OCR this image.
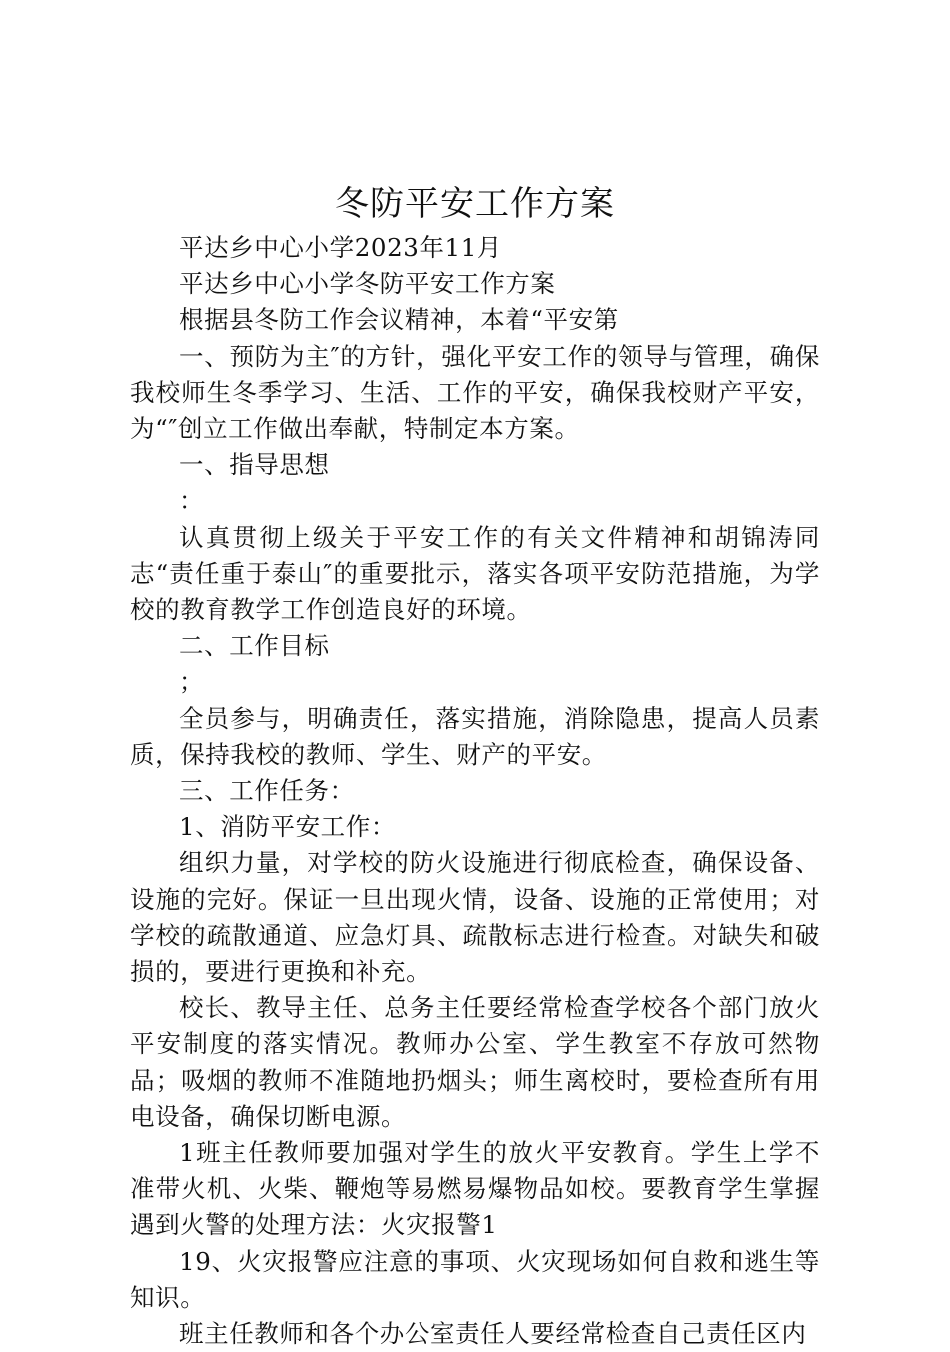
冬防平安工作方案

平达乡中心小学2023年11月

平达乡中心小学冬防平安工作方案

根据县冬防工作会议精神，本着“平安第

一、预防为主″的方针，强化平安工作的领导与管理，确保我校师生冬季学习、生活、工作的平安，确保我校财产平安，为“″创立工作做出奉献，特制定本方案。

一、指导思想

：

认真贯彻上级关于平安工作的有关文件精神和胡锦涛同志“责任重于泰山″的重要批示，落实各项平安防范措施，为学校的教育教学工作创造良好的环境。

二、工作目标

；

全员参与，明确责任，落实措施，消除隐患，提高人员素质，保持我校的教师、学生、财产的平安。

三、工作任务：

1、消防平安工作：

组织力量，对学校的防火设施进行彻底检查，确保设备、设施的完好。保证一旦出现火情，设备、设施的正常使用；对学校的疏散通道、应急灯具、疏散标志进行检查。对缺失和破损的，要进行更换和补充。

校长、教导主任、总务主任要经常检查学校各个部门放火平安制度的落实情况。教师办公室、学生教室不存放可然物品；吸烟的教师不准随地扔烟头；师生离校时，要检查所有用电设备，确保切断电源。

1班主任教师要加强对学生的放火平安教育。学生上学不准带火机、火柴、鞭炮等易燃易爆物品如校。要教育学生掌握遇到火警的处理方法：火灾报警1

19、火灾报警应注意的事项、火灾现场如何自救和逃生等知识。

班主任教师和各个办公室责任人要经常检查自己责任区内
